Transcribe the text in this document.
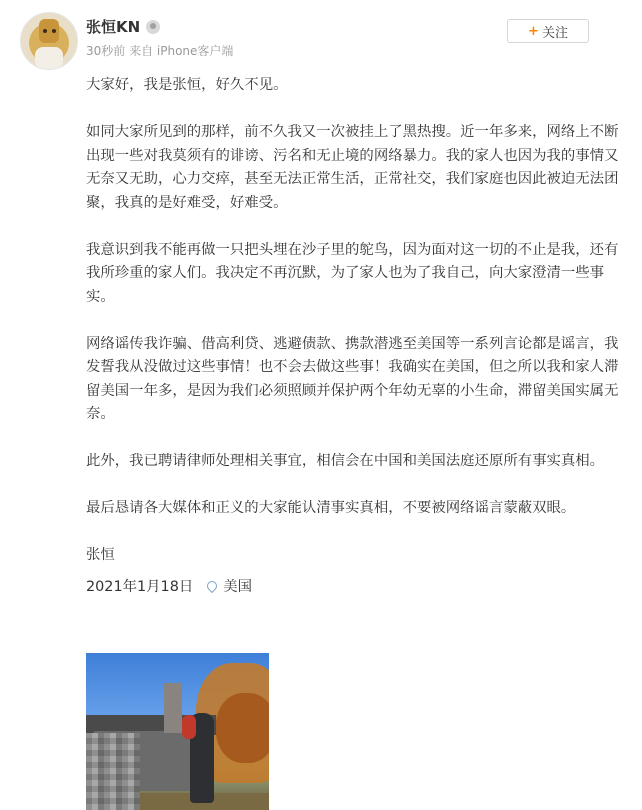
张恒KN
30秒前 来自 iPhone客户端
+ 关注

大家好，我是张恒，好久不见。

如同大家所见到的那样，前不久我又一次被挂上了黑热搜。近一年多来，网络上不断出现一些对我莫须有的诽谤、污名和无止境的网络暴力。我的家人也因为我的事情又无奈又无助，心力交瘁，甚至无法正常生活，正常社交，我们家庭也因此被迫无法团聚，我真的是好难受，好难受。

我意识到我不能再做一只把头埋在沙子里的鸵鸟，因为面对这一切的不止是我，还有我所珍重的家人们。我决定不再沉默，为了家人也为了我自己，向大家澄清一些事实。

网络谣传我诈骗、借高利贷、逃避债款、携款潜逃至美国等一系列言论都是谣言，我发誓我从没做过这些事情！也不会去做这些事！我确实在美国，但之所以我和家人滞留美国一年多，是因为我们必须照顾并保护两个年幼无辜的小生命，滞留美国实属无奈。

此外，我已聘请律师处理相关事宜，相信会在中国和美国法庭还原所有事实真相。

最后恳请各大媒体和正义的大家能认清事实真相，不要被网络谣言蒙蔽双眼。

张恒

2021年1月18日 美国
